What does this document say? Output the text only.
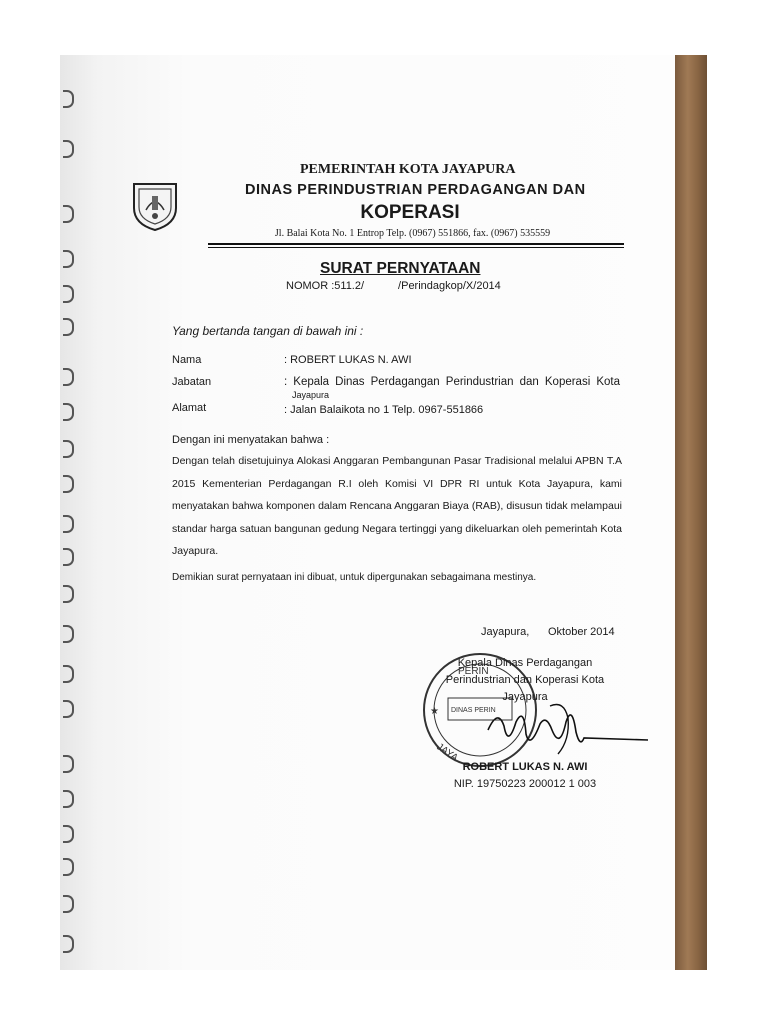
PEMERINTAH KOTA JAYAPURA
DINAS PERINDUSTRIAN PERDAGANGAN DAN
KOPERASI
Jl. Balai Kota No. 1 Entrop Telp. (0967) 551866, fax. (0967) 535559
SURAT PERNYATAAN
NOMOR :511.2/	/Perindagkop/X/2014
Yang bertanda tangan di bawah ini :
Nama	: ROBERT LUKAS N. AWI
Jabatan	: Kepala Dinas Perdagangan Perindustrian dan Koperasi Kota
Jayapura
Alamat	: Jalan Balaikota no 1 Telp. 0967-551866
Dengan ini menyatakan bahwa :
Dengan telah disetujuinya Alokasi Anggaran Pembangunan Pasar Tradisional melalui APBN T.A 2015 Kementerian Perdagangan R.I oleh Komisi VI DPR RI untuk Kota Jayapura, kami menyatakan bahwa komponen dalam Rencana Anggaran Biaya (RAB), disusun tidak melampaui standar harga satuan bangunan gedung Negara tertinggi yang dikeluarkan oleh pemerintah Kota Jayapura.
Demikian surat pernyataan ini dibuat, untuk dipergunakan sebagaimana mestinya.
Jayapura, Oktober 2014
PERIN
DINAS PERIN
JAYA
★
Kepala Dinas Perdagangan
Perindustrian dan Koperasi Kota
Jayapura
ROBERT LUKAS N. AWI
NIP. 19750223 200012 1 003
